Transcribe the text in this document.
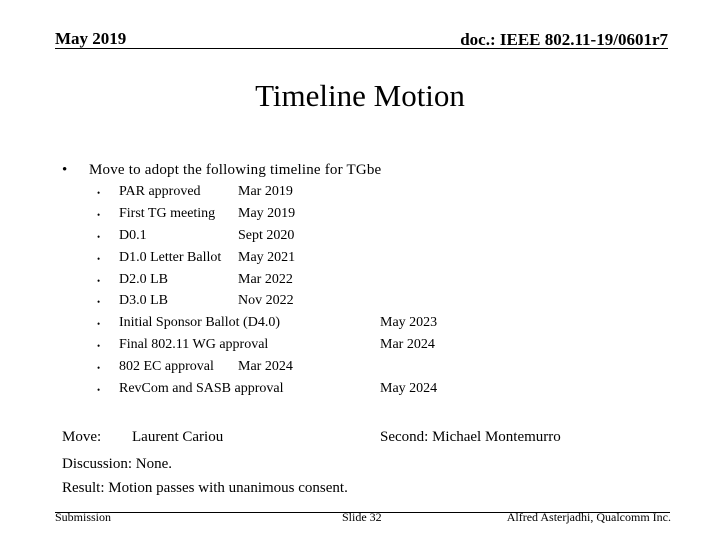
May 2019	doc.: IEEE 802.11-19/0601r7
Timeline Motion
• Move to adopt the following timeline for TGbe
• PAR approved	Mar 2019
• First TG meeting May 2019
• D0.1	Sept 2020
• D1.0 Letter Ballot May 2021
• D2.0 LB	Mar 2022
• D3.0 LB	Nov 2022
• Initial Sponsor Ballot (D4.0)	May 2023
• Final 802.11 WG approval	Mar 2024
• 802 EC approval Mar 2024
• RevCom and SASB approval	May 2024
Move: Laurent Cariou	Second: Michael Montemurro
Discussion: None.
Result: Motion passes with unanimous consent.
Submission	Slide 32	Alfred Asterjadhi, Qualcomm Inc.
